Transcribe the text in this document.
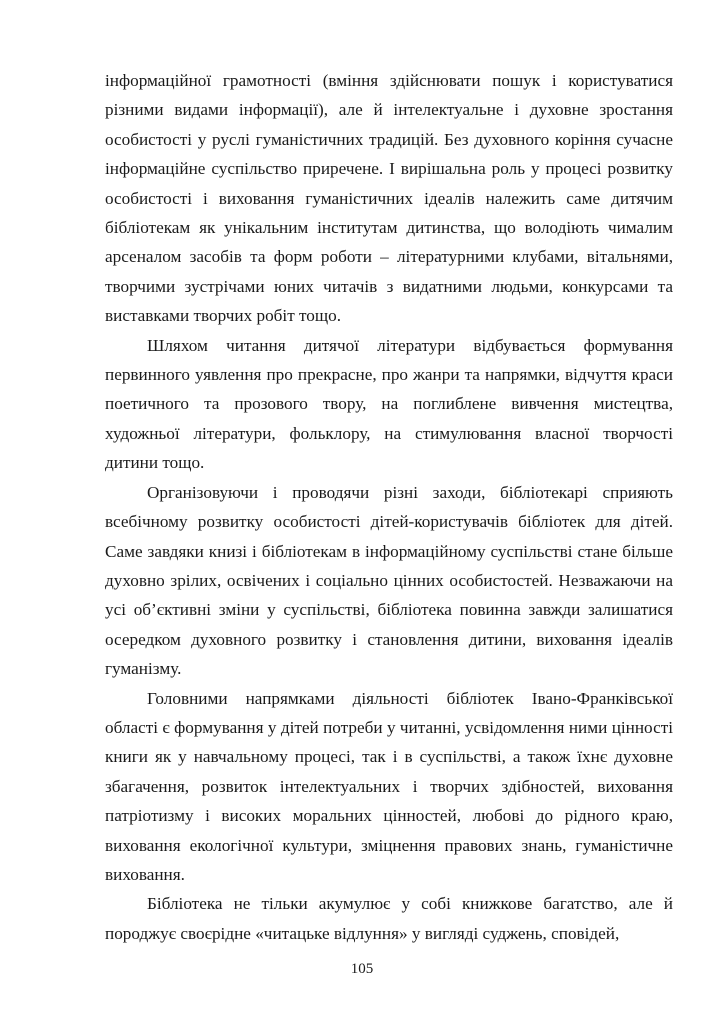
інформаційної грамотності (вміння здійснювати пошук і користуватися різними видами інформації), але й інтелектуальне і духовне зростання особистості у руслі гуманістичних традицій. Без духовного коріння сучасне інформаційне суспільство приречене. І вирішальна роль у процесі розвитку особистості і виховання гуманістичних ідеалів належить саме дитячим бібліотекам як унікальним інститутам дитинства, що володіють чималим арсеналом засобів та форм роботи – літературними клубами, вітальнями, творчими зустрічами юних читачів з видатними людьми, конкурсами та виставками творчих робіт тощо.

Шляхом читання дитячої літератури відбувається формування первинного уявлення про прекрасне, про жанри та напрямки, відчуття краси поетичного та прозового твору, на поглиблене вивчення мистецтва, художньої літератури, фольклору, на стимулювання власної творчості дитини тощо.

Організовуючи і проводячи різні заходи, бібліотекарі сприяють всебічному розвитку особистості дітей-користувачів бібліотек для дітей. Саме завдяки книзі і бібліотекам в інформаційному суспільстві стане більше духовно зрілих, освічених і соціально цінних особистостей. Незважаючи на усі об’єктивні зміни у суспільстві, бібліотека повинна завжди залишатися осередком духовного розвитку і становлення дитини, виховання ідеалів гуманізму.

Головними напрямками діяльності бібліотек Івано-Франківської області є формування у дітей потреби у читанні, усвідомлення ними цінності книги як у навчальному процесі, так і в суспільстві, а також їхнє духовне збагачення, розвиток інтелектуальних і творчих здібностей, виховання патріотизму і високих моральних цінностей, любові до рідного краю, виховання екологічної культури, зміцнення правових знань, гуманістичне виховання.

Бібліотека не тільки акумулює у собі книжкове багатство, але й породжує своєрідне «читацьке відлуння» у вигляді суджень, сповідей,

105
